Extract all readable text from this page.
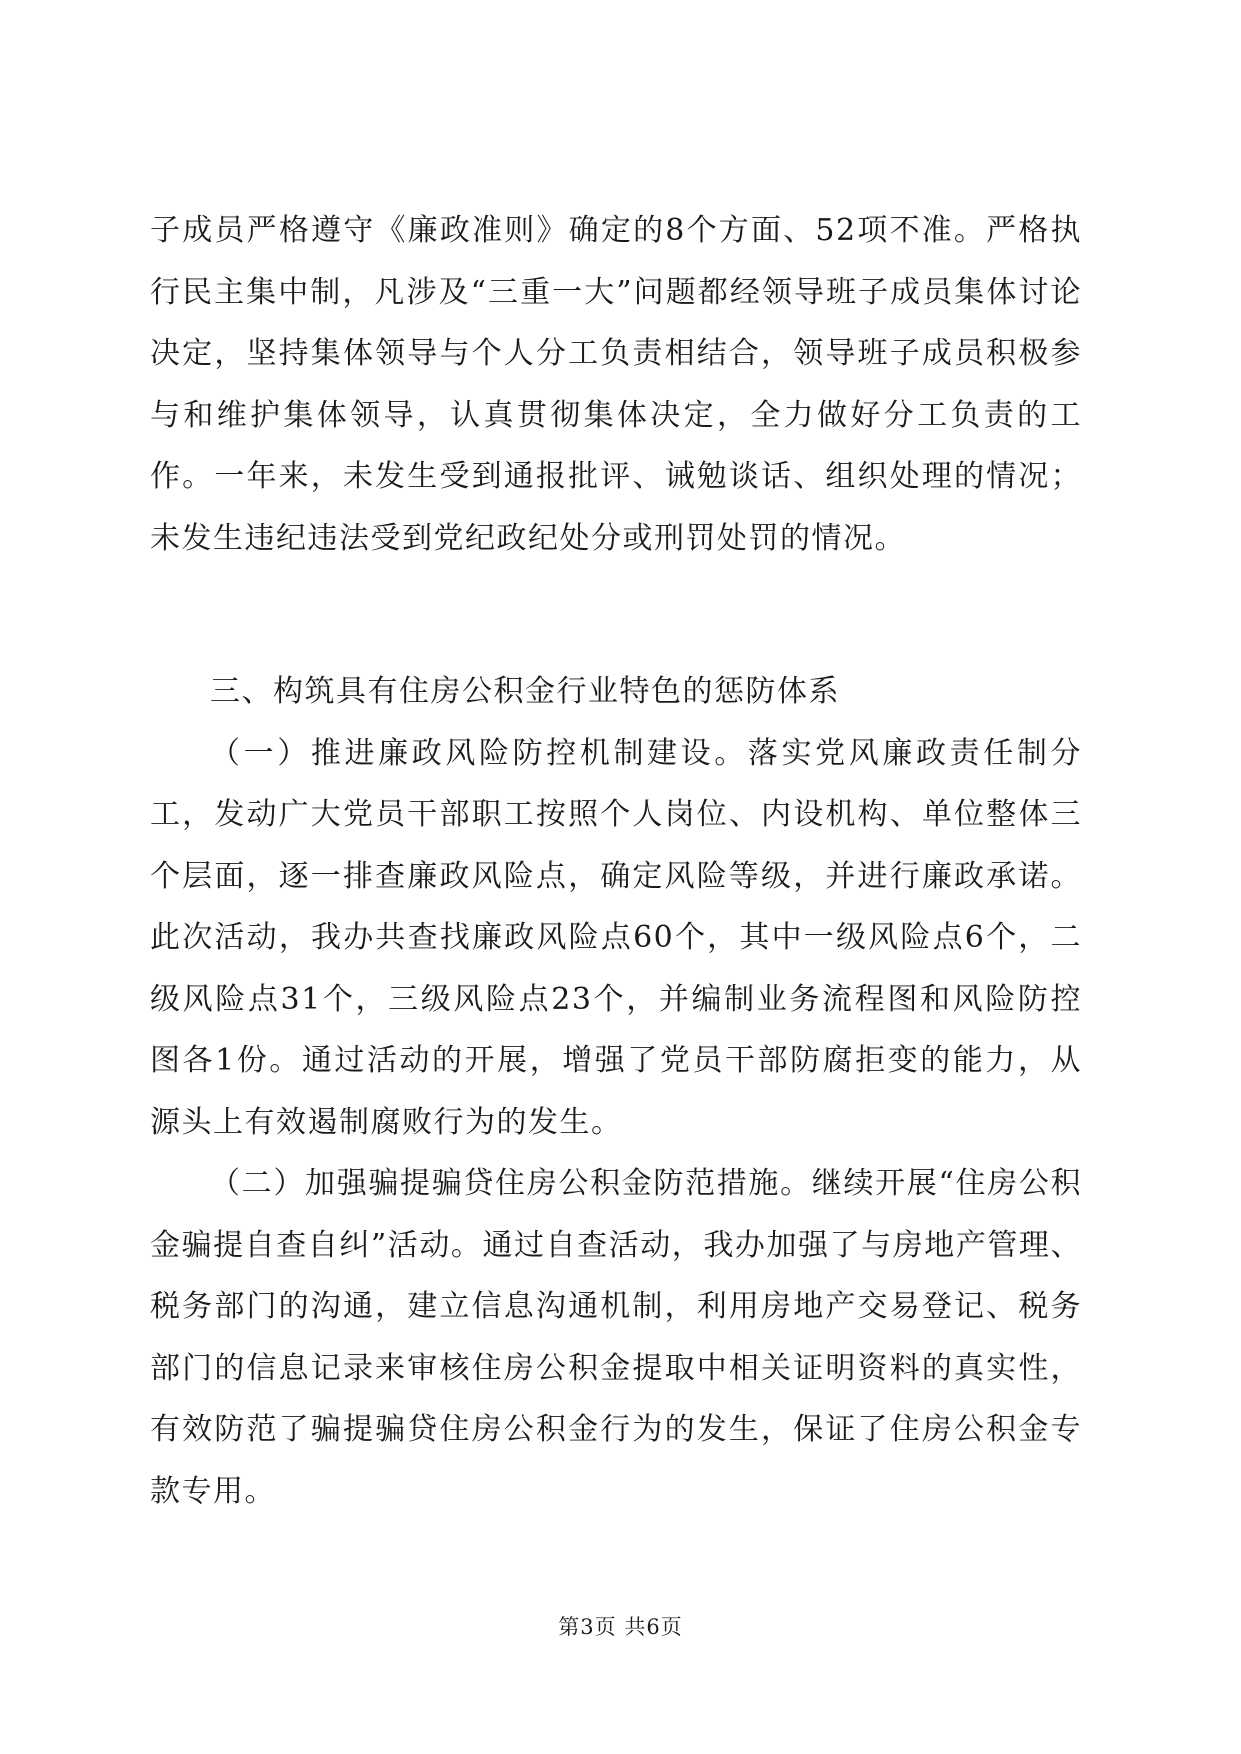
子成员严格遵守《廉政准则》确定的8个方面、52项不准。严格执行民主集中制，凡涉及“三重一大”问题都经领导班子成员集体讨论决定，坚持集体领导与个人分工负责相结合，领导班子成员积极参与和维护集体领导，认真贯彻集体决定，全力做好分工负责的工作。一年来，未发生受到通报批评、诫勉谈话、组织处理的情况；未发生违纪违法受到党纪政纪处分或刑罚处罚的情况。

三、构筑具有住房公积金行业特色的惩防体系

（一）推进廉政风险防控机制建设。落实党风廉政责任制分工，发动广大党员干部职工按照个人岗位、内设机构、单位整体三个层面，逐一排查廉政风险点，确定风险等级，并进行廉政承诺。此次活动，我办共查找廉政风险点60个，其中一级风险点6个，二级风险点31个，三级风险点23个，并编制业务流程图和风险防控图各1份。通过活动的开展，增强了党员干部防腐拒变的能力，从源头上有效遏制腐败行为的发生。

（二）加强骗提骗贷住房公积金防范措施。继续开展“住房公积金骗提自查自纠”活动。通过自查活动，我办加强了与房地产管理、税务部门的沟通，建立信息沟通机制，利用房地产交易登记、税务部门的信息记录来审核住房公积金提取中相关证明资料的真实性，有效防范了骗提骗贷住房公积金行为的发生，保证了住房公积金专款专用。

第3页 共6页
